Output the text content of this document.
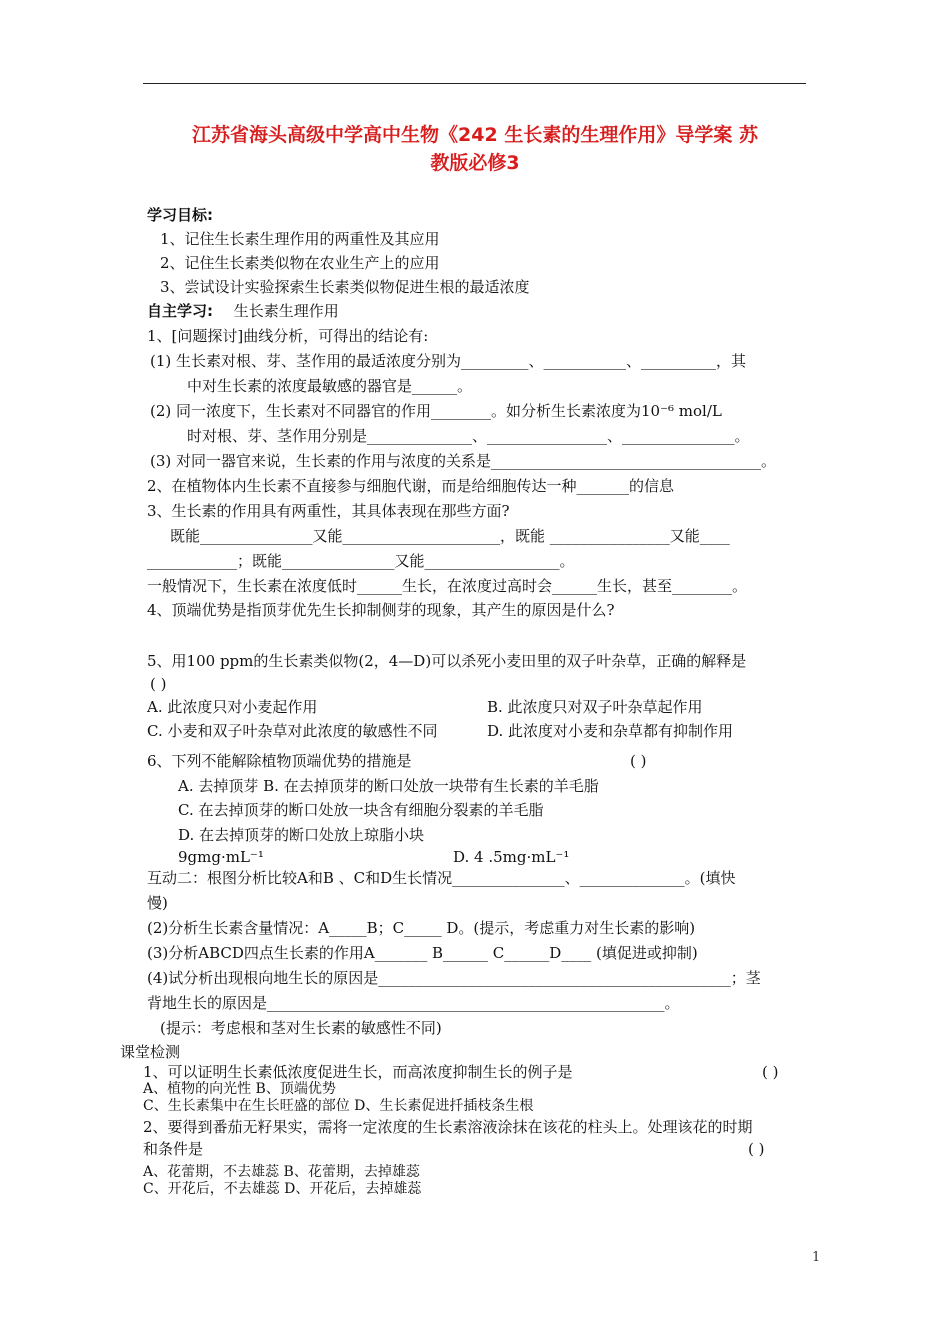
江苏省海头高级中学高中生物《242 生长素的生理作用》导学案 苏
教版必修3
学习目标:
1、记住生长素生理作用的两重性及其应用
2、记住生长素类似物在农业生产上的应用
3、尝试设计实验探索生长素类似物促进生根的最适浓度
自主学习: 生长素生理作用
1、[问题探讨]曲线分析，可得出的结论有:
(1) 生长素对根、芽、茎作用的最适浓度分别为_________、___________、__________，其
中对生长素的浓度最敏感的器官是______。
(2) 同一浓度下，生长素对不同器官的作用________。如分析生长素浓度为10⁻⁶ mol/L
时对根、芽、茎作用分别是______________、________________、_______________。
(3) 对同一器官来说，生长素的作用与浓度的关系是____________________________________。
2、在植物体内生长素不直接参与细胞代谢，而是给细胞传达一种_______的信息
3、生长素的作用具有两重性，其具体表现在那些方面?
既能_______________又能_____________________，既能 ________________又能____
____________；既能_______________又能__________________。
一般情况下，生长素在浓度低时______生长，在浓度过高时会______生长，甚至________。
4、顶端优势是指顶芽优先生长抑制侧芽的现象，其产生的原因是什么?
5、用100 ppm的生长素类似物(2，4—D)可以杀死小麦田里的双子叶杂草，正确的解释是
( )
A. 此浓度只对小麦起作用	B. 此浓度只对双子叶杂草起作用
C. 小麦和双子叶杂草对此浓度的敏感性不同	D. 此浓度对小麦和杂草都有抑制作用
6、下列不能解除植物顶端优势的措施是	( )
A. 去掉顶芽 B. 在去掉顶芽的断口处放一块带有生长素的羊毛脂
C. 在去掉顶芽的断口处放一块含有细胞分裂素的羊毛脂
D. 在去掉顶芽的断口处放上琼脂小块
9gmg·mL⁻¹	D. 4 .5mg·mL⁻¹
互动二：根图分析比较A和B 、C和D生长情况_______________、______________。(填快
慢)
(2)分析生长素含量情况：A_____B；C_____ D。(提示，考虑重力对生长素的影响)
(3)分析ABCD四点生长素的作用A_______ B______ C______D____ (填促进或抑制)
(4)试分析出现根向地生长的原因是_______________________________________________；茎
背地生长的原因是_____________________________________________________。
(提示：考虑根和茎对生长素的敏感性不同)
课堂检测
1、可以证明生长素低浓度促进生长，而高浓度抑制生长的例子是	( )
A、植物的向光性 B、顶端优势
C、生长素集中在生长旺盛的部位 D、生长素促进扦插枝条生根
2、要得到番茄无籽果实，需将一定浓度的生长素溶液涂抹在该花的柱头上。处理该花的时期
和条件是	( )
A、花蕾期，不去雄蕊 B、花蕾期，去掉雄蕊
C、开花后，不去雄蕊 D、开花后，去掉雄蕊
1
